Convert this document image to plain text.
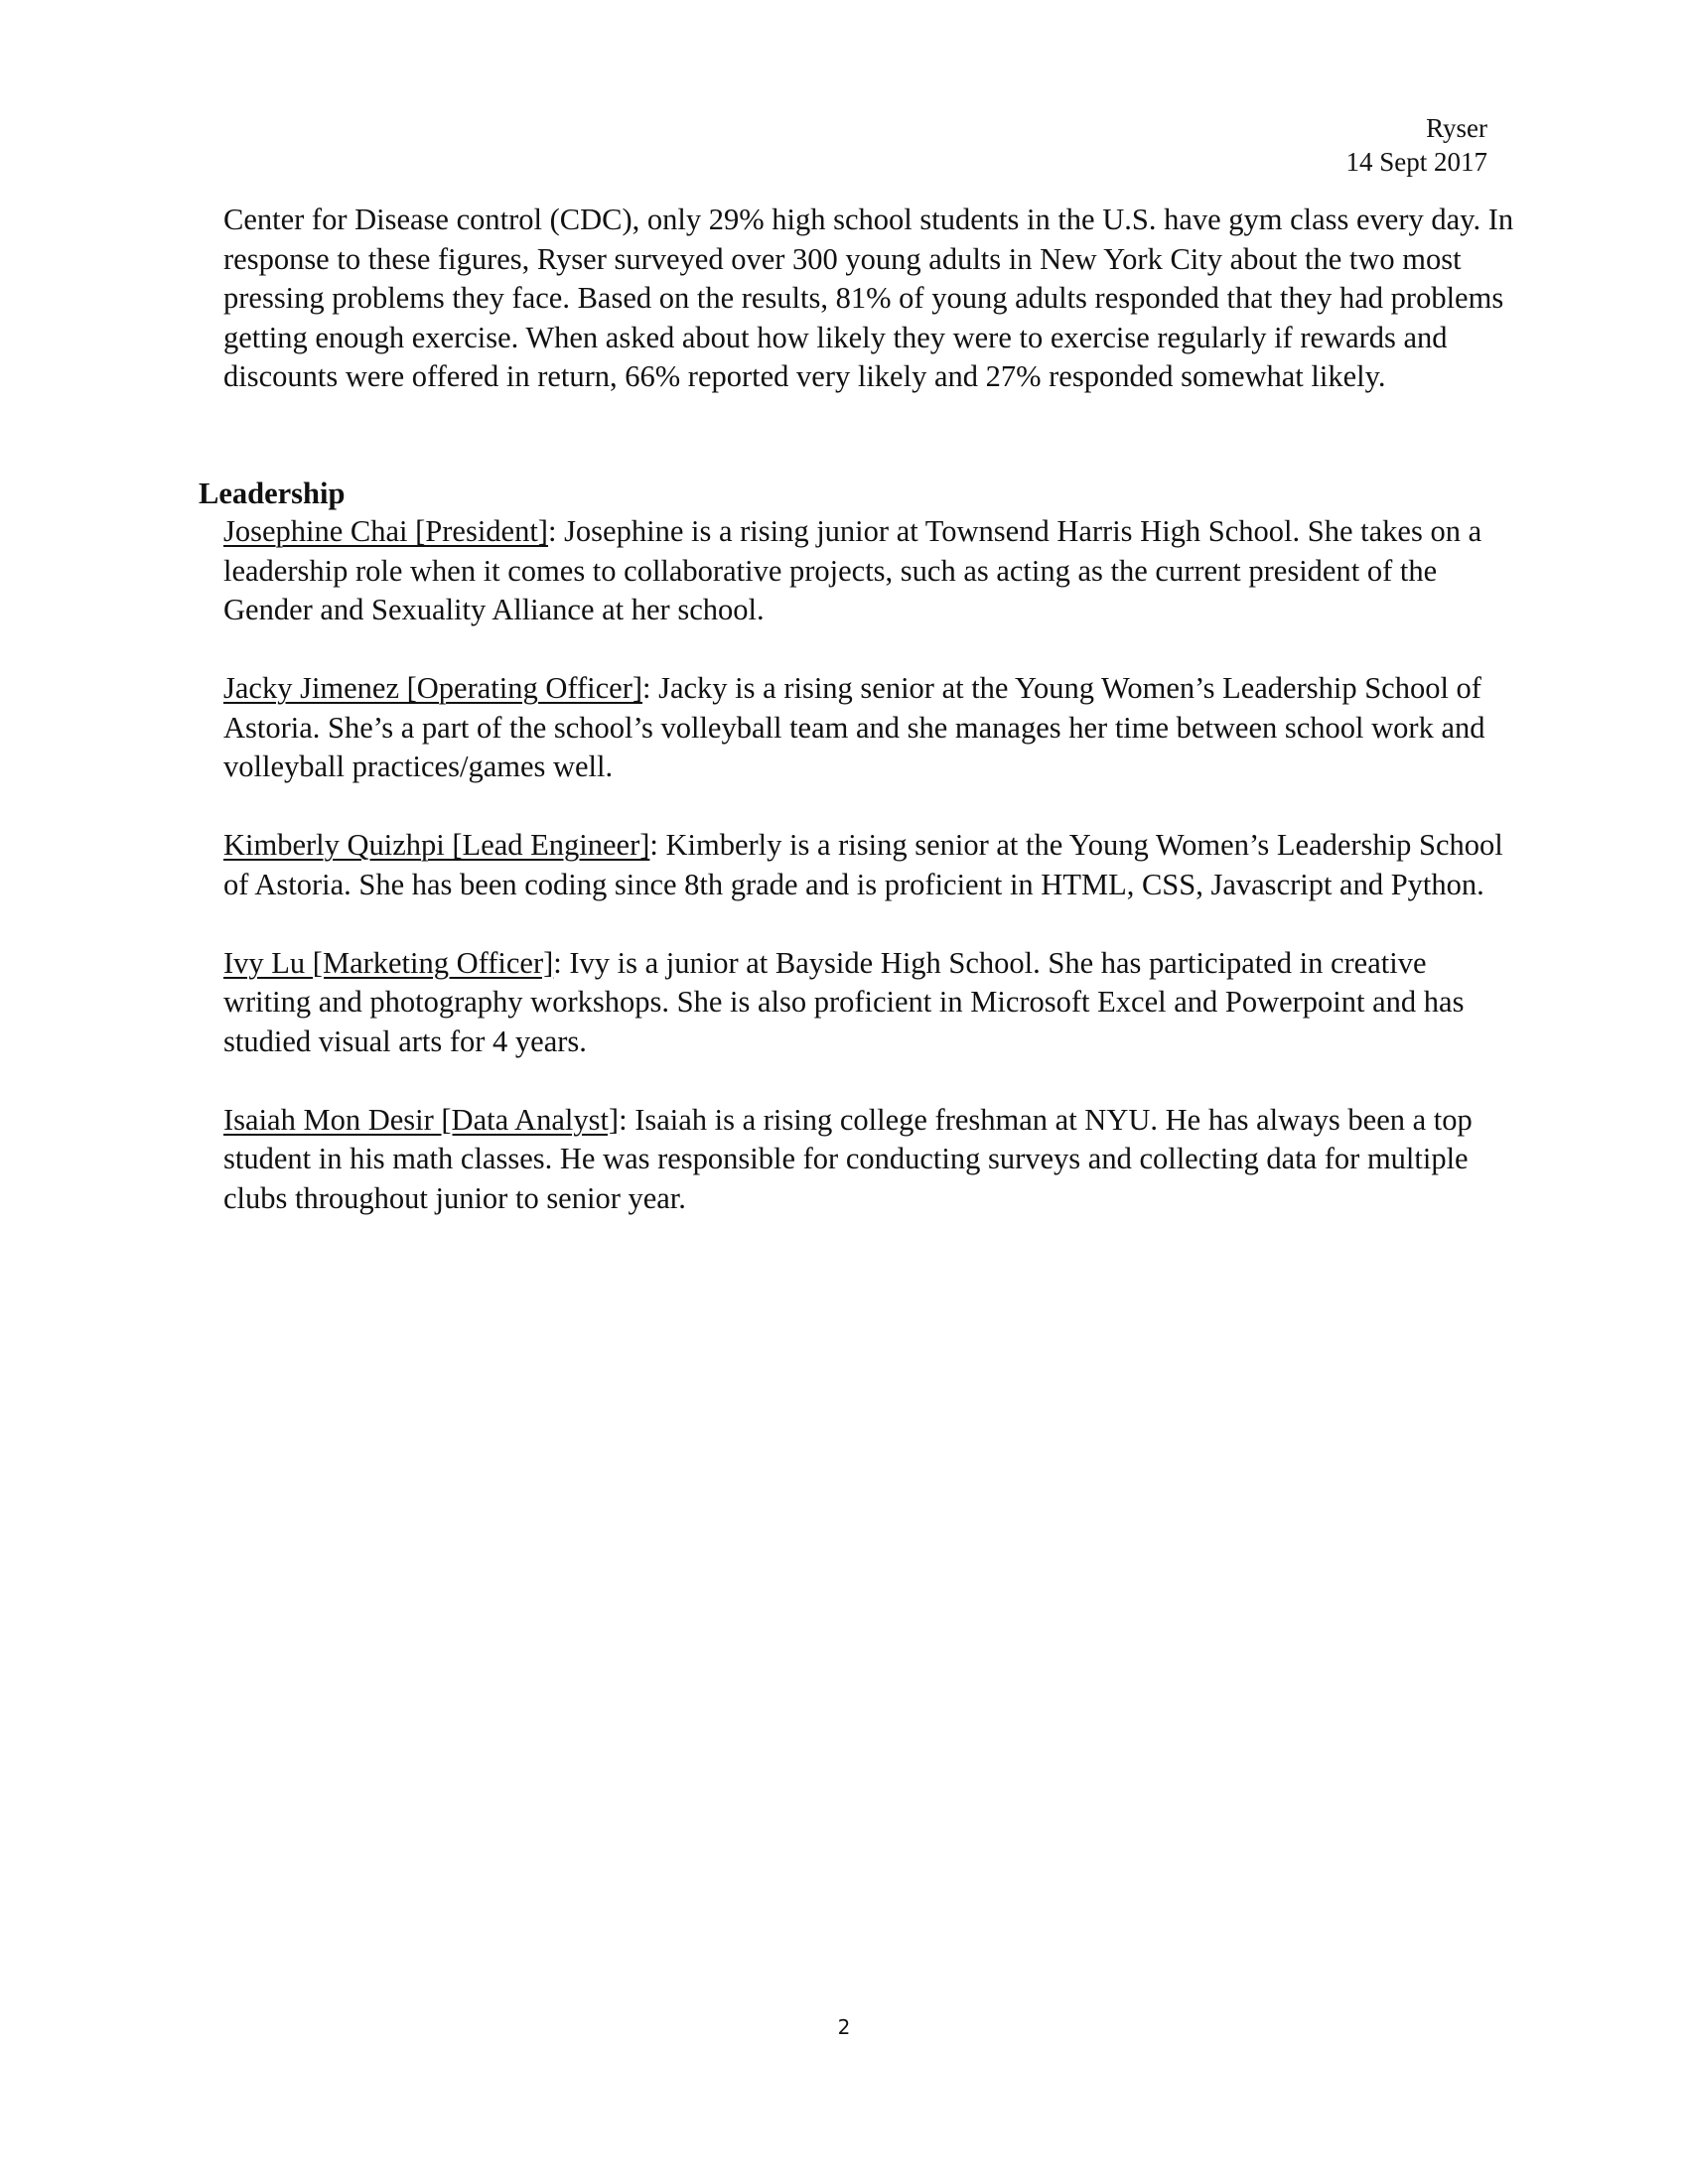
Ryser
14 Sept 2017

Center for Disease control (CDC), only 29% high school students in the U.S. have gym class every day. In response to these figures, Ryser surveyed over 300 young adults in New York City about the two most pressing problems they face. Based on the results, 81% of young adults responded that they had problems getting enough exercise. When asked about how likely they were to exercise regularly if rewards and discounts were offered in return, 66% reported very likely and 27% responded somewhat likely.

Leadership

Josephine Chai [President]: Josephine is a rising junior at Townsend Harris High School. She takes on a leadership role when it comes to collaborative projects, such as acting as the current president of the Gender and Sexuality Alliance at her school.

Jacky Jimenez [Operating Officer]: Jacky is a rising senior at the Young Women’s Leadership School of Astoria. She’s a part of the school’s volleyball team and she manages her time between school work and volleyball practices/games well.

Kimberly Quizhpi [Lead Engineer]: Kimberly is a rising senior at the Young Women’s Leadership School of Astoria. She has been coding since 8th grade and is proficient in HTML, CSS, Javascript and Python.

Ivy Lu [Marketing Officer]: Ivy is a junior at Bayside High School. She has participated in creative writing and photography workshops. She is also proficient in Microsoft Excel and Powerpoint and has studied visual arts for 4 years.

Isaiah Mon Desir [Data Analyst]: Isaiah is a rising college freshman at NYU. He has always been a top student in his math classes. He was responsible for conducting surveys and collecting data for multiple clubs throughout junior to senior year.

2
